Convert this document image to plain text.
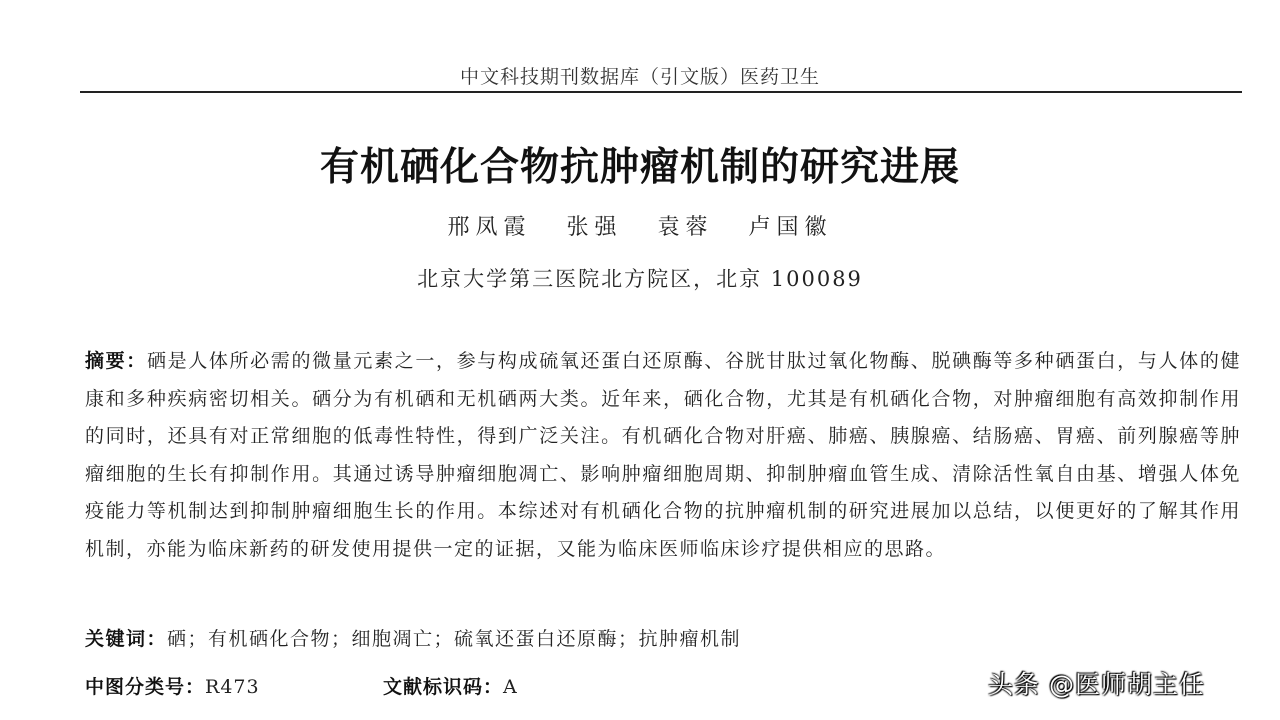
中文科技期刊数据库（引文版）医药卫生
有机硒化合物抗肿瘤机制的研究进展
邢凤霞 张强 袁蓉 卢国徽
北京大学第三医院北方院区，北京 100089
摘要：硒是人体所必需的微量元素之一，参与构成硫氧还蛋白还原酶、谷胱甘肽过氧化物酶、脱碘酶等多种硒蛋白，与人体的健康和多种疾病密切相关。硒分为有机硒和无机硒两大类。近年来，硒化合物，尤其是有机硒化合物，对肿瘤细胞有高效抑制作用的同时，还具有对正常细胞的低毒性特性，得到广泛关注。有机硒化合物对肝癌、肺癌、胰腺癌、结肠癌、胃癌、前列腺癌等肿瘤细胞的生长有抑制作用。其通过诱导肿瘤细胞凋亡、影响肿瘤细胞周期、抑制肿瘤血管生成、清除活性氧自由基、增强人体免疫能力等机制达到抑制肿瘤细胞生长的作用。本综述对有机硒化合物的抗肿瘤机制的研究进展加以总结，以便更好的了解其作用机制，亦能为临床新药的研发使用提供一定的证据，又能为临床医师临床诊疗提供相应的思路。
关键词：硒；有机硒化合物；细胞凋亡；硫氧还蛋白还原酶；抗肿瘤机制
中图分类号：R473	文献标识码：A	头条 @医师胡主任
